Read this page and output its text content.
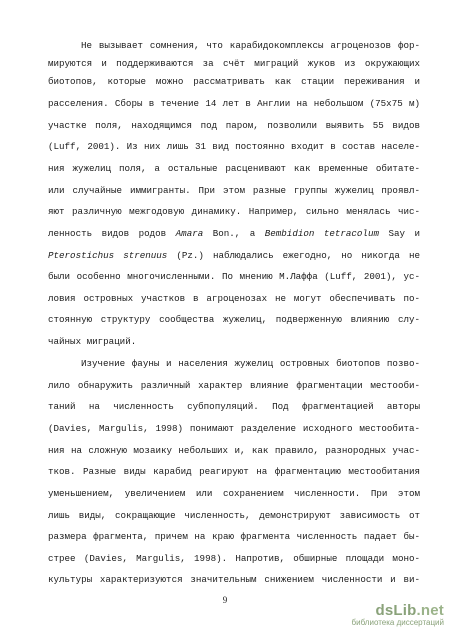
Не вызывает сомнения, что карабидокомплексы агроценозов фор-
мируются и поддерживаются за счёт миграций жуков из окружающих
биотопов, которые можно рассматривать как стации переживания и
расселения. Сборы в течение 14 лет в Англии на небольшом (75х75 м)
участке поля, находящимся под паром, позволили выявить 55 видов
(Luff, 2001). Из них лишь 31 вид постоянно входит в состав населе-
ния жужелиц поля, а остальные расценивают как временные обитате-
или случайные иммигранты. При этом разные группы жужелиц проявл-
яют различную межгодовую динамику. Например, сильно менялась чис-
ленность видов родов Amara Bon., а Bembidion tetracolum Say и
Pterostichus strenuus (Pz.) наблюдались ежегодно, но никогда не
были особенно многочисленными. По мнению М.Лаффа (Luff, 2001), ус-
ловия островных участков в агроценозах не могут обеспечивать по-
стоянную структуру сообщества жужелиц, подверженную влиянию слу-
чайных миграций.
Изучение фауны и населения жужелиц островных биотопов позво-
лило обнаружить различный характер влияние фрагментации местооби-
таний на численность субпопуляций. Под фрагментацией авторы
(Davies, Margulis, 1998) понимают разделение исходного местообита-
ния на сложную мозаику небольших и, как правило, разнородных учас-
тков. Разные виды карабид реагируют на фрагментацию местообитания
уменьшением, увеличением или сохранением численности. При этом
лишь виды, сокращающие численность, демонстрируют зависимость от
размера фрагмента, причем на краю фрагмента численность падает бы-
стрее (Davies, Margulis, 1998). Напротив, обширные площади моно-
культуры характеризуются значительным снижением численности и ви-
9
dsLib.net
библиотека диссертаций
